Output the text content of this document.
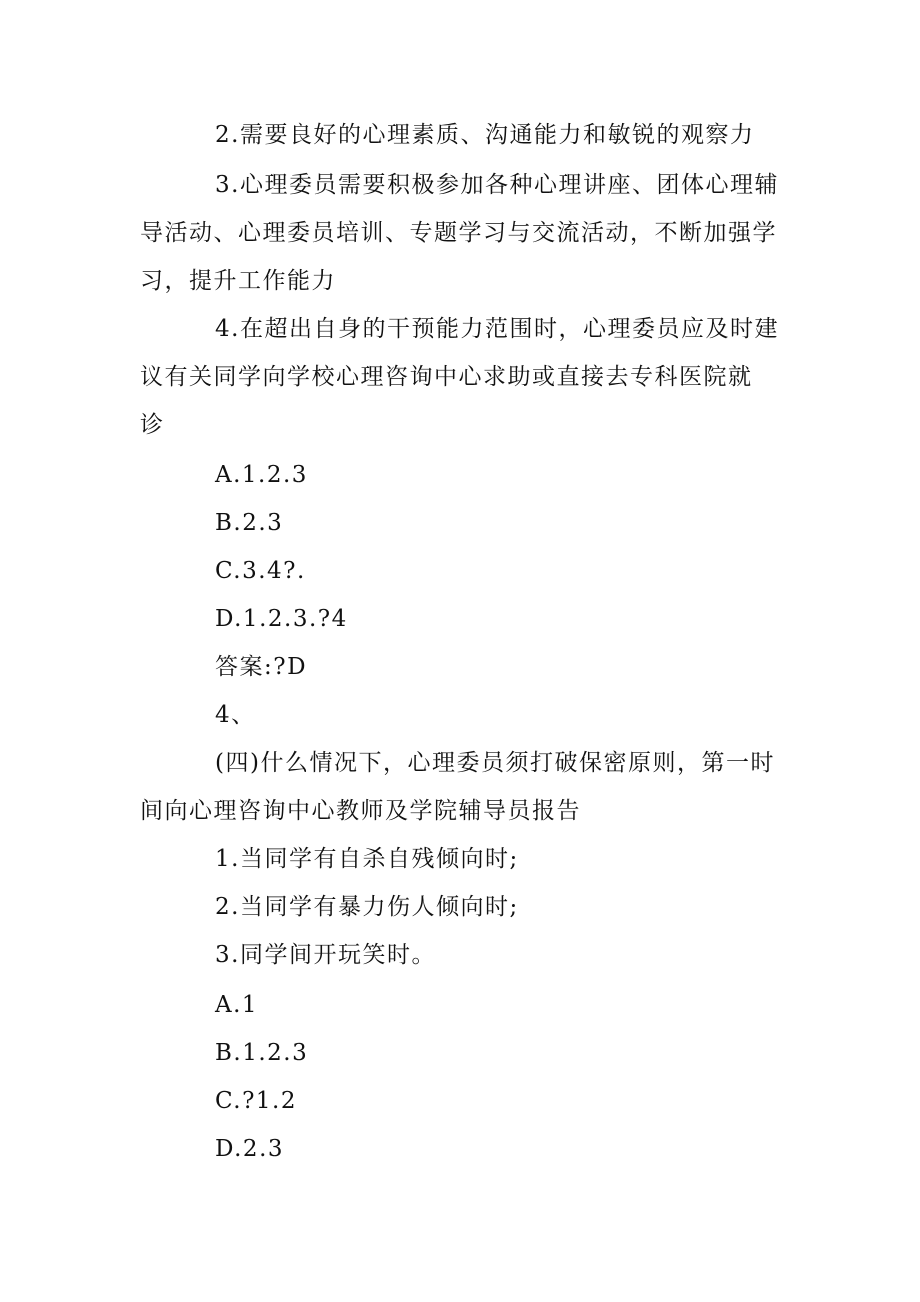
2.需要良好的心理素质、沟通能力和敏锐的观察力
3.心理委员需要积极参加各种心理讲座、团体心理辅
导活动、心理委员培训、专题学习与交流活动，不断加强学
习，提升工作能力
4.在超出自身的干预能力范围时，心理委员应及时建
议有关同学向学校心理咨询中心求助或直接去专科医院就
诊
A.1.2.3
B.2.3
C.3.4?.
D.1.2.3.?4
答案:?D
4、
(四)什么情况下，心理委员须打破保密原则，第一时
间向心理咨询中心教师及学院辅导员报告
1.当同学有自杀自残倾向时;
2.当同学有暴力伤人倾向时;
3.同学间开玩笑时。
A.1
B.1.2.3
C.?1.2
D.2.3
